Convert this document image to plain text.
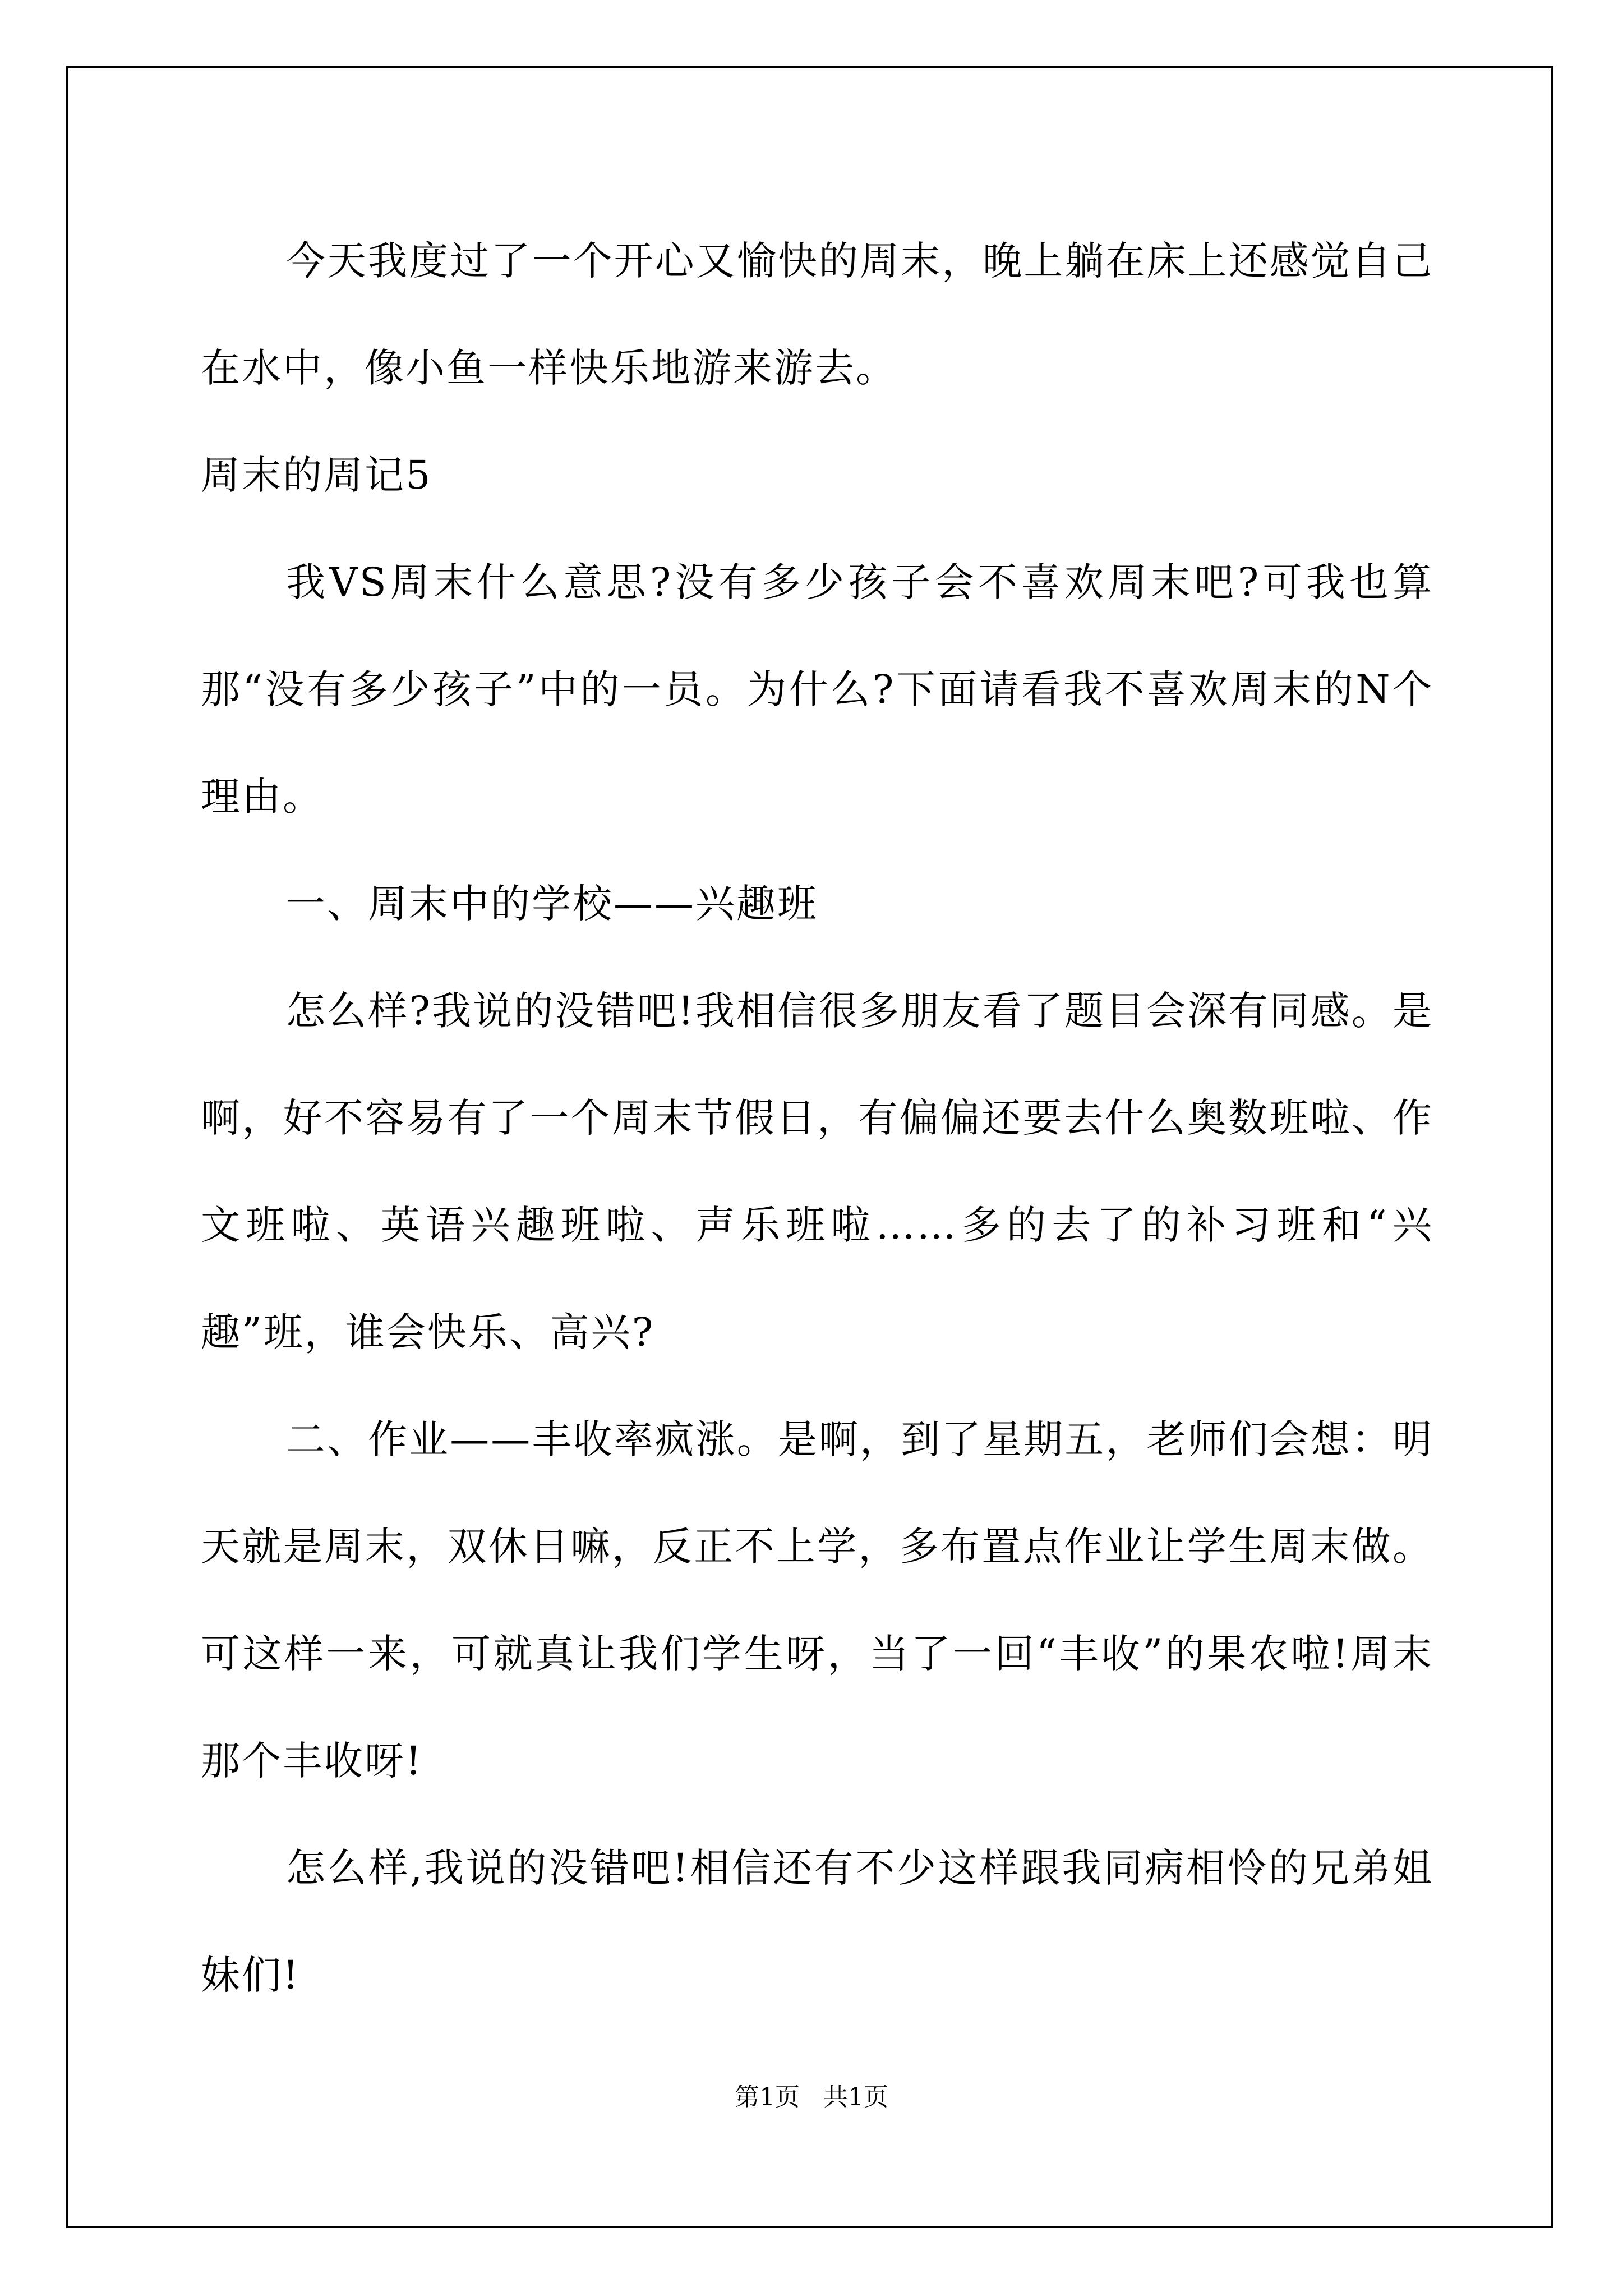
今天我度过了一个开心又愉快的周末，晚上躺在床上还感觉自己在水中，像小鱼一样快乐地游来游去。

周末的周记5

我VS周末什么意思?没有多少孩子会不喜欢周末吧?可我也算那“没有多少孩子”中的一员。为什么?下面请看我不喜欢周末的N个理由。

一、周末中的学校——兴趣班

怎么样?我说的没错吧!我相信很多朋友看了题目会深有同感。是啊，好不容易有了一个周末节假日，有偏偏还要去什么奥数班啦、作文班啦、英语兴趣班啦、声乐班啦……多的去了的补习班和“兴趣”班，谁会快乐、高兴?

二、作业——丰收率疯涨。是啊，到了星期五，老师们会想：明天就是周末，双休日嘛，反正不上学，多布置点作业让学生周末做。可这样一来，可就真让我们学生呀，当了一回“丰收”的果农啦!周末那个丰收呀!

怎么样,我说的没错吧!相信还有不少这样跟我同病相怜的兄弟姐妹们!

第1页   共1页
